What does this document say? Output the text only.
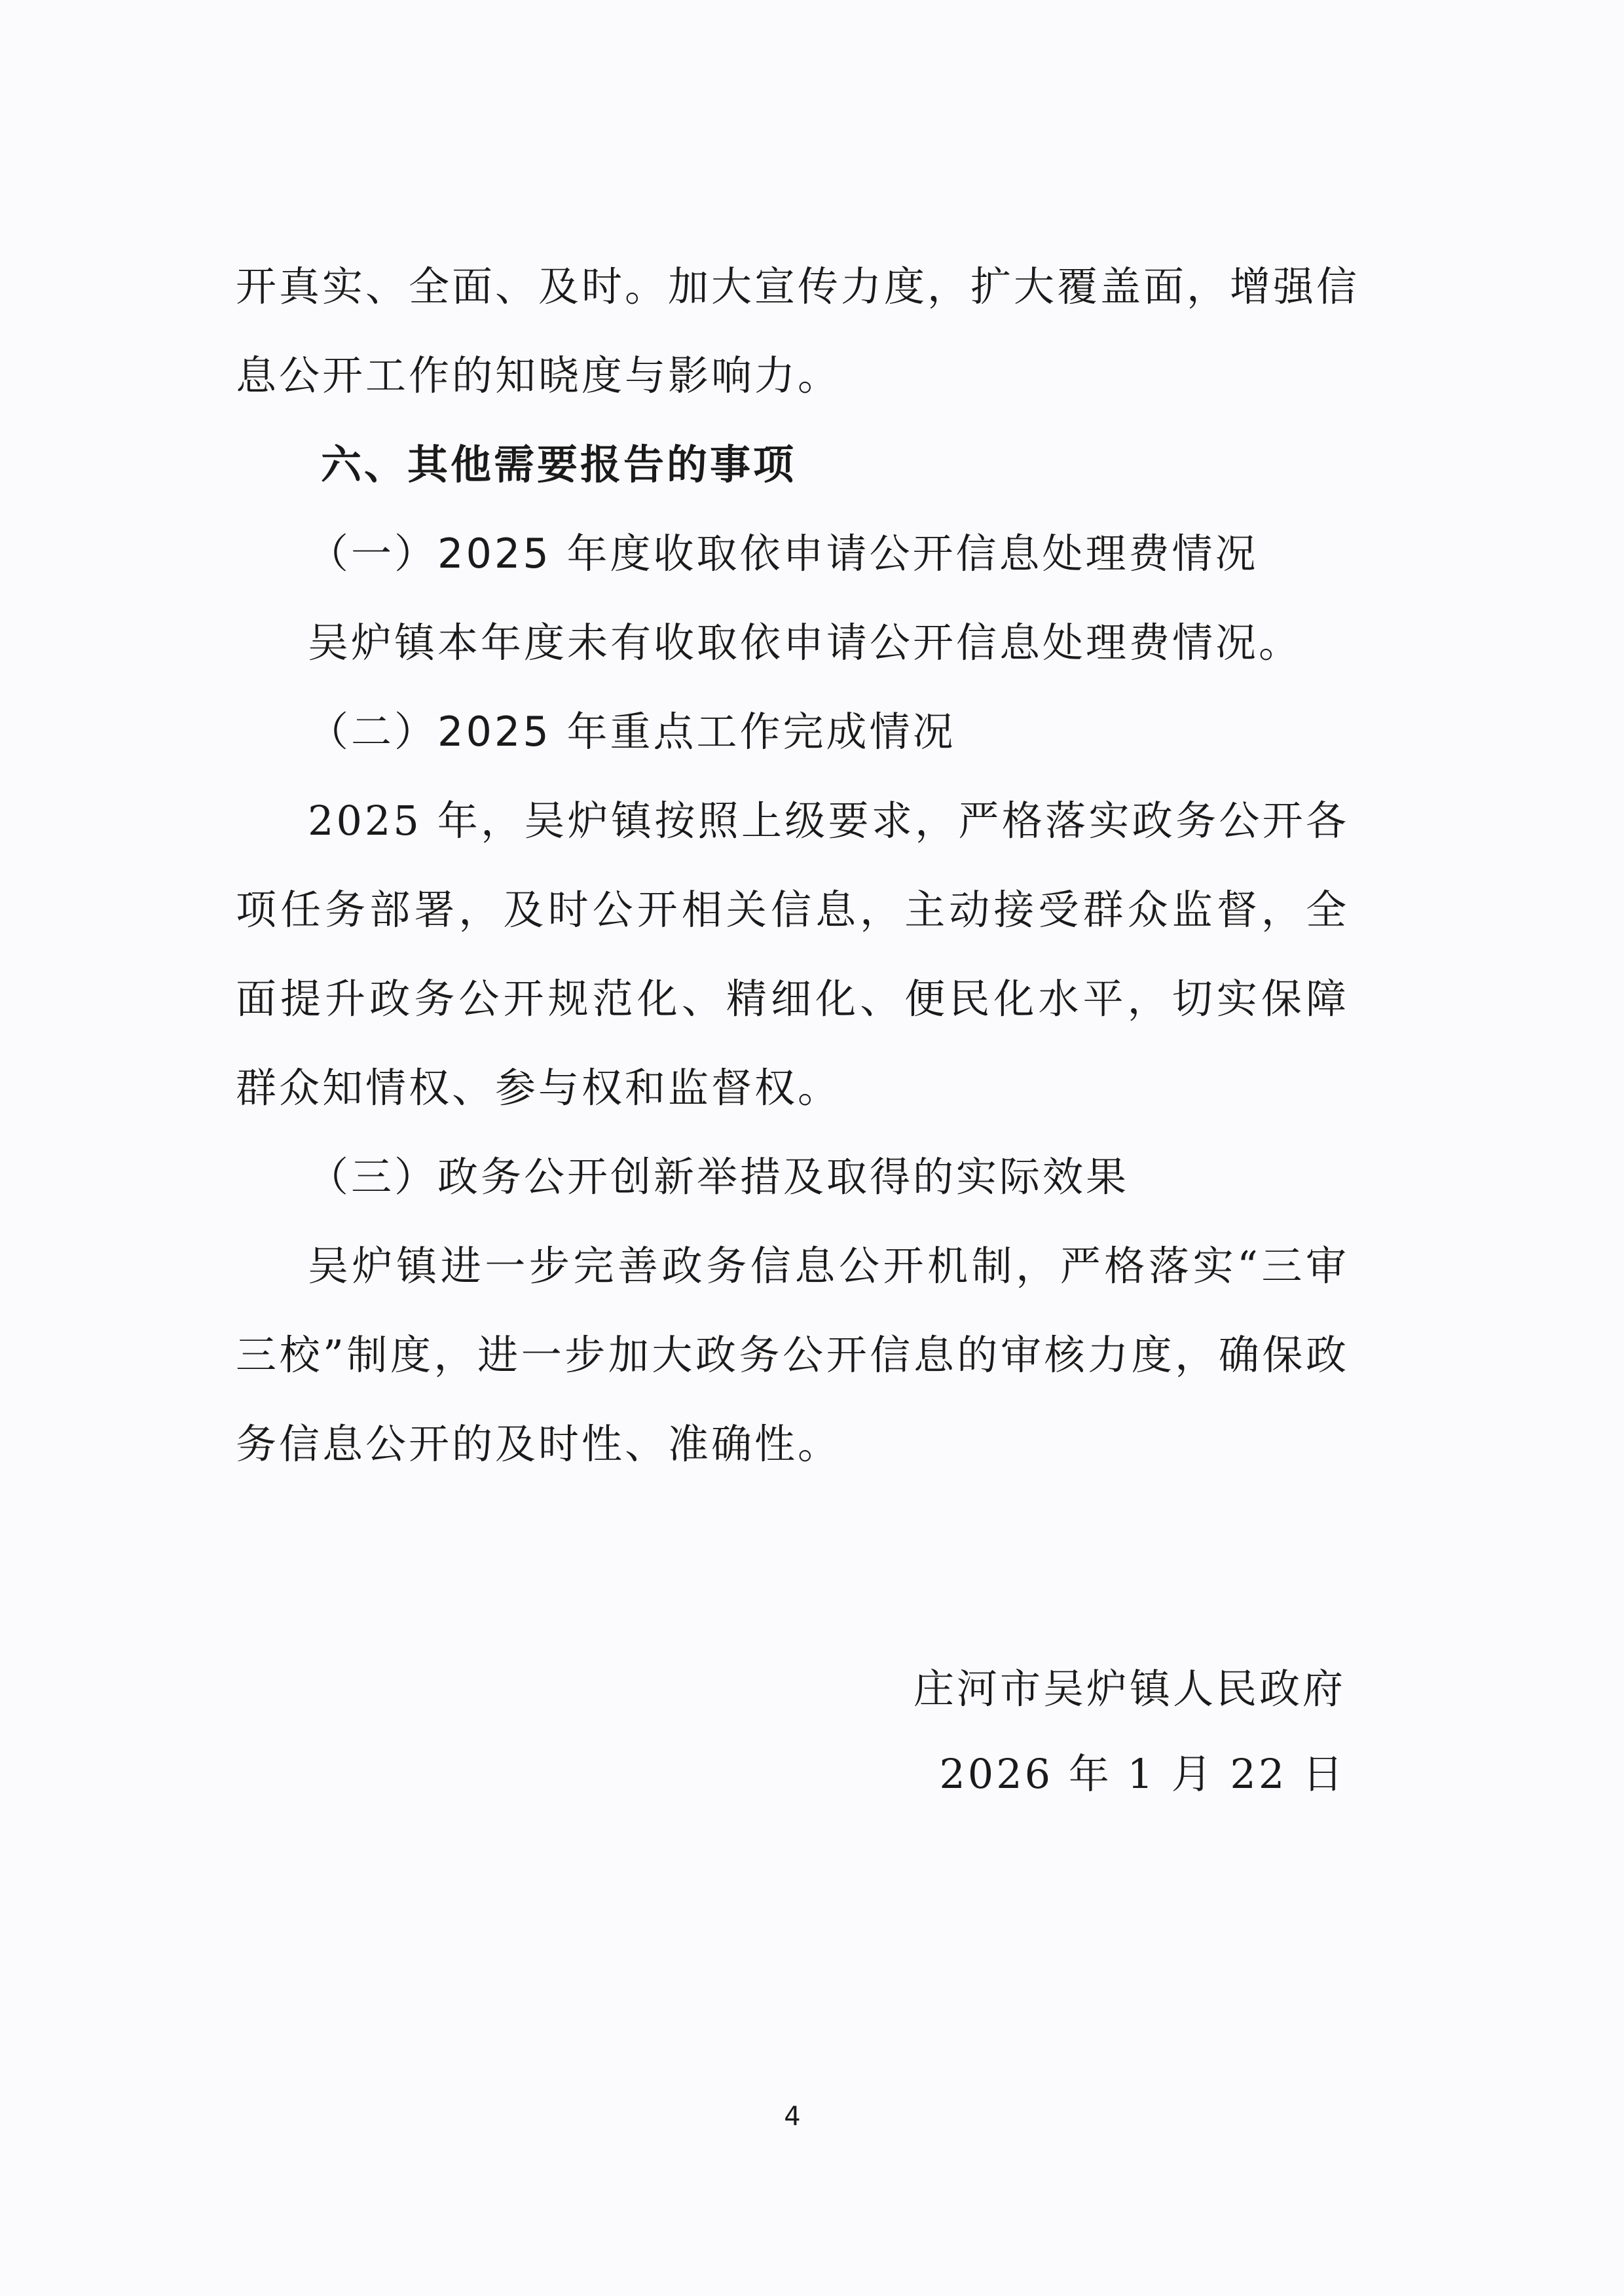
开真实、全面、及时。加大宣传力度，扩大覆盖面，增强信

息公开工作的知晓度与影响力。

六、其他需要报告的事项

（一）2025 年度收取依申请公开信息处理费情况

吴炉镇本年度未有收取依申请公开信息处理费情况。

（二）2025 年重点工作完成情况

2025 年，吴炉镇按照上级要求，严格落实政务公开各项任务部署，及时公开相关信息，主动接受群众监督，全面提升政务公开规范化、精细化、便民化水平，切实保障群众知情权、参与权和监督权。

（三）政务公开创新举措及取得的实际效果

吴炉镇进一步完善政务信息公开机制，严格落实“三审三校”制度，进一步加大政务公开信息的审核力度，确保政务信息公开的及时性、准确性。

庄河市吴炉镇人民政府
2026 年 1 月 22 日
4
